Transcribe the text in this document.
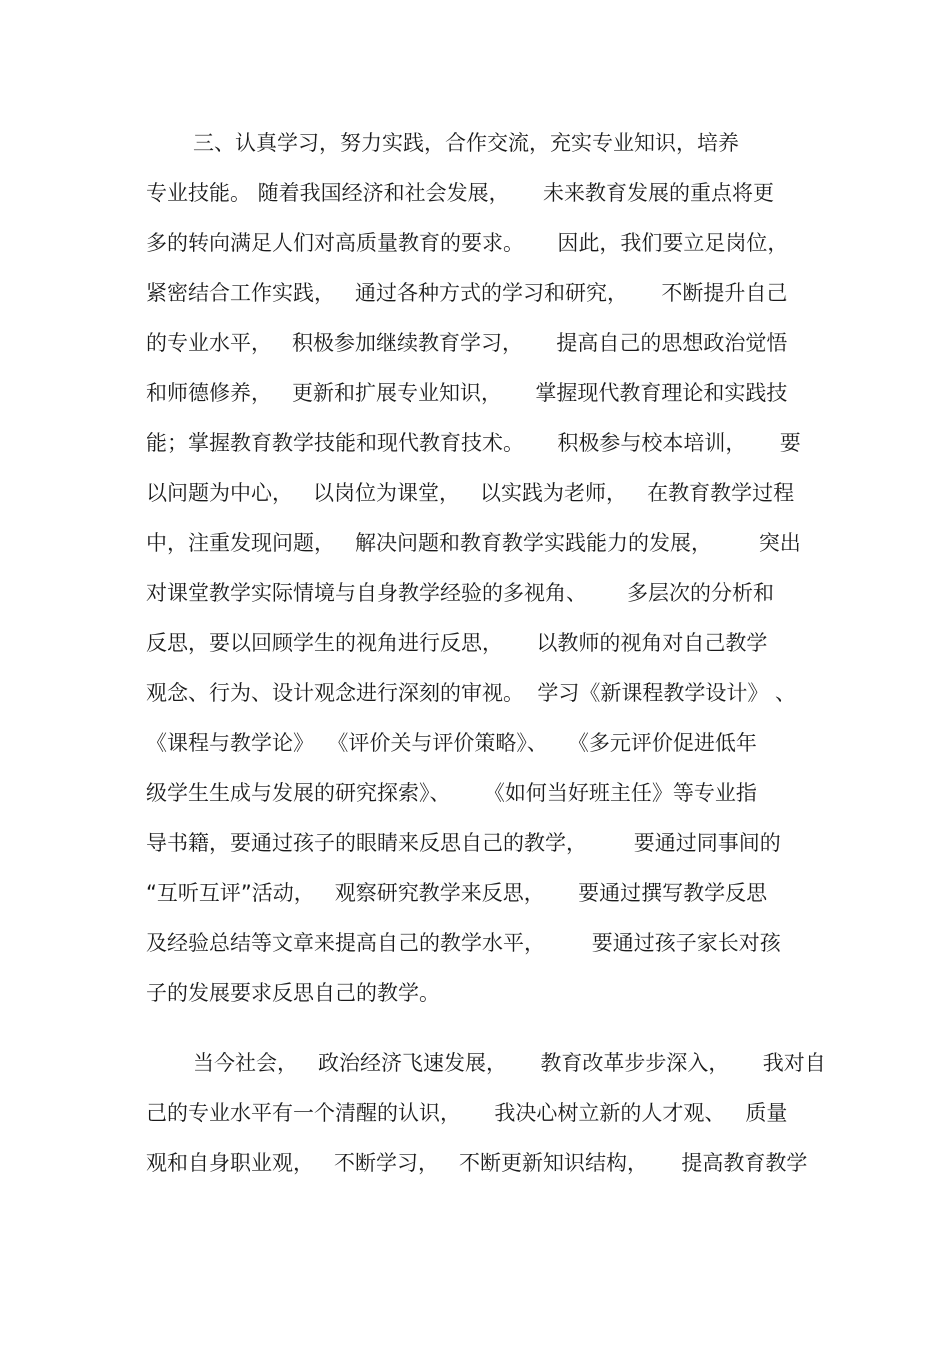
三、认真学习，努力实践，合作交流，充实专业知识，培养

专业技能。 随着我国经济和社会发展，     未来教育发展的重点将更

多的转向满足人们对高质量教育的要求。     因此，我们要立足岗位，

紧密结合工作实践，   通过各种方式的学习和研究，     不断提升自己

的专业水平，   积极参加继续教育学习，     提高自己的思想政治觉悟

和师德修养，   更新和扩展专业知识，     掌握现代教育理论和实践技

能；掌握教育教学技能和现代教育技术。     积极参与校本培训，     要

以问题为中心，   以岗位为课堂，   以实践为老师，   在教育教学过程

中，注重发现问题，   解决问题和教育教学实践能力的发展，       突出

对课堂教学实际情境与自身教学经验的多视角、      多层次的分析和

反思，要以回顾学生的视角进行反思，     以教师的视角对自己教学

观念、行为、设计观念进行深刻的审视。  学习《新课程教学设计》 、

《课程与教学论》  《评价关与评价策略》、   《多元评价促进低年

级学生生成与发展的研究探索》、     《如何当好班主任》等专业指

导书籍，要通过孩子的眼睛来反思自己的教学，       要通过同事间的

“互听互评”活动，   观察研究教学来反思，     要通过撰写教学反思

及经验总结等文章来提高自己的教学水平，       要通过孩子家长对孩

子的发展要求反思自己的教学。

当今社会，   政治经济飞速发展，     教育改革步步深入，     我对自

己的专业水平有一个清醒的认识，     我决心树立新的人才观、   质量

观和自身职业观，   不断学习，   不断更新知识结构，     提高教育教学
